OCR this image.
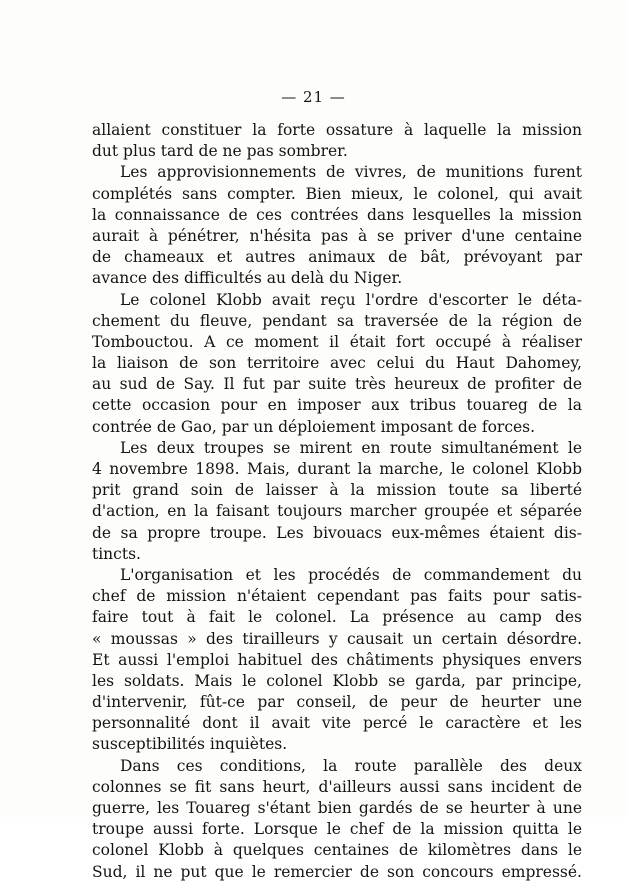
— 21 —
allaient constituer la forte ossature à laquelle la mission
dut plus tard de ne pas sombrer.
Les approvisionnements de vivres, de munitions furent
complétés sans compter. Bien mieux, le colonel, qui avait
la connaissance de ces contrées dans lesquelles la mission
aurait à pénétrer, n'hésita pas à se priver d'une centaine
de chameaux et autres animaux de bât, prévoyant par
avance des difficultés au delà du Niger.
Le colonel Klobb avait reçu l'ordre d'escorter le déta-
chement du fleuve, pendant sa traversée de la région de
Tombouctou. A ce moment il était fort occupé à réaliser
la liaison de son territoire avec celui du Haut Dahomey,
au sud de Say. Il fut par suite très heureux de profiter de
cette occasion pour en imposer aux tribus touareg de la
contrée de Gao, par un déploiement imposant de forces.
Les deux troupes se mirent en route simultanément le
4 novembre 1898. Mais, durant la marche, le colonel Klobb
prit grand soin de laisser à la mission toute sa liberté
d'action, en la faisant toujours marcher groupée et séparée
de sa propre troupe. Les bivouacs eux-mêmes étaient dis-
tincts.
L'organisation et les procédés de commandement du
chef de mission n'étaient cependant pas faits pour satis-
faire tout à fait le colonel. La présence au camp des
« moussas » des tirailleurs y causait un certain désordre.
Et aussi l'emploi habituel des châtiments physiques envers
les soldats. Mais le colonel Klobb se garda, par principe,
d'intervenir, fût-ce par conseil, de peur de heurter une
personnalité dont il avait vite percé le caractère et les
susceptibilités inquiètes.
Dans ces conditions, la route parallèle des deux
colonnes se fit sans heurt, d'ailleurs aussi sans incident de
guerre, les Touareg s'étant bien gardés de se heurter à une
troupe aussi forte. Lorsque le chef de la mission quitta le
colonel Klobb à quelques centaines de kilomètres dans le
Sud, il ne put que le remercier de son concours empressé.
